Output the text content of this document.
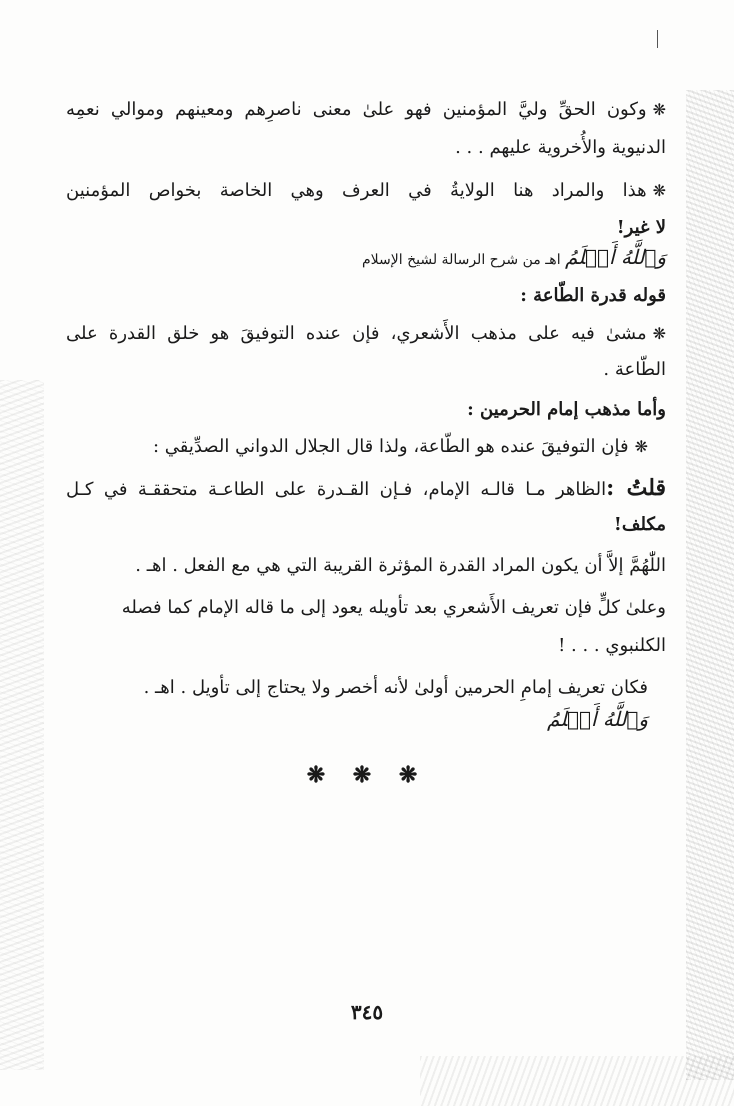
❋وكون الحقِّ وليَّ المؤمنين فهو علىٰ معنى ناصرِهم ومعينهم وموالي نعمِه
الدنيوية والأُخروية عليهم . . .
❋هذا والمراد هنا الولايةُ في العرف وهي الخاصة بخواص المؤمنين
لا غير!
وَٱللَّهُ أَعۡلَمُ اهـ من شرح الرسالة لشيخ الإسلام
قوله قدرة الطّاعة :
❋مشىٰ فيه على مذهب الأَشعري، فإن عنده التوفيقَ هو خلق القدرة على
الطّاعة .
وأما مذهب إمام الحرمين :
❋فإن التوفيقَ عنده هو الطّاعة، ولذا قال الجلال الدواني الصدِّيقي :
قلتُ :الظاهر مـا قالـه الإمام، فـإن القـدرة على الطاعـة متحققـة في كـل
مكلف!
اللّٰهُمَّ إلاَّ أن يكون المراد القدرة المؤثرة القريبة التي هي مع الفعل . اهـ .
وعلىٰ كلٍّ فإن تعريف الأَشعري بعد تأويله يعود إلى ما قاله الإمام كما فصله
الكلنبوي . . . !
فكان تعريف إمامِ الحرمين أولىٰ لأنه أخصر ولا يحتاج إلى تأويل . اهـ .
وَٱللَّهُ أَعۡلَمُ
❋ ❋ ❋
٣٤٥
